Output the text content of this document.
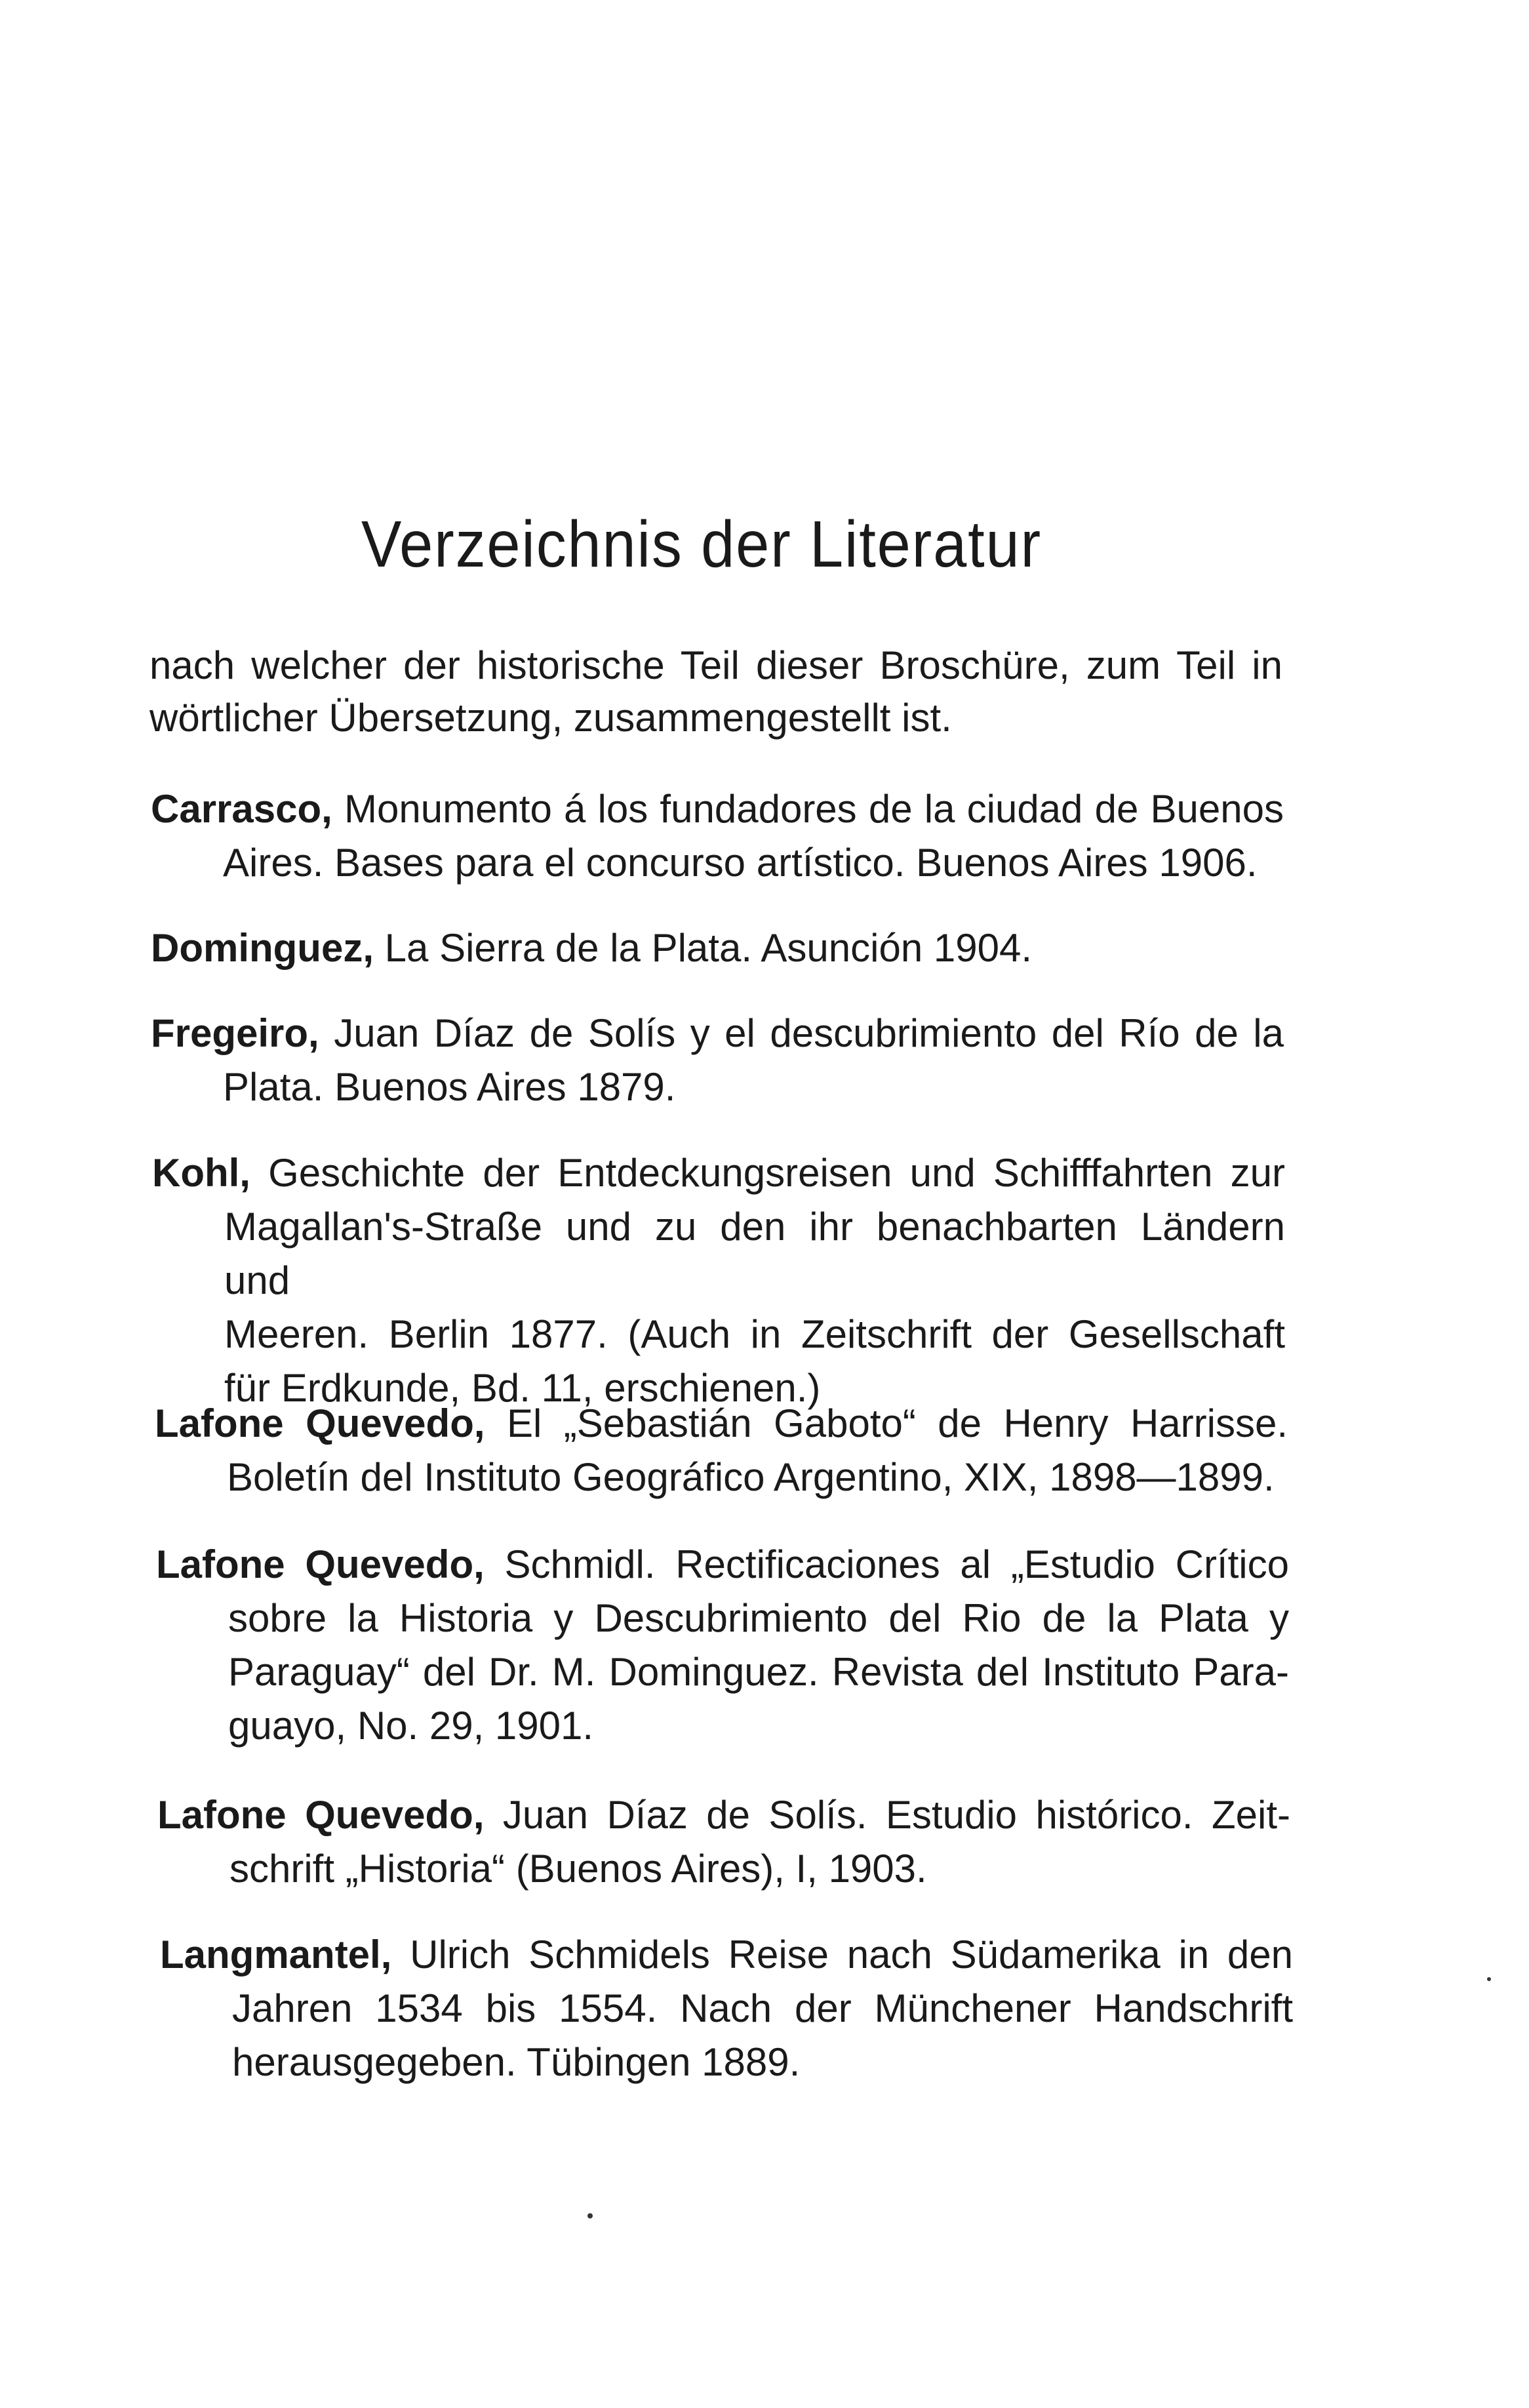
Verzeichnis der Literatur
nach welcher der historische Teil dieser Broschüre, zum Teil in
wörtlicher Übersetzung, zusammengestellt ist.
Carrasco, Monumento á los fundadores de la ciudad de Buenos
Aires. Bases para el concurso artístico. Buenos Aires 1906.
Dominguez, La Sierra de la Plata. Asunción 1904.
Fregeiro, Juan Díaz de Solís y el descubrimiento del Río de la
Plata. Buenos Aires 1879.
Kohl, Geschichte der Entdeckungsreisen und Schifffahrten zur
Magallan's-Straße und zu den ihr benachbarten Ländern und
Meeren. Berlin 1877. (Auch in Zeitschrift der Gesellschaft
für Erdkunde, Bd. 11, erschienen.)
Lafone Quevedo, El „Sebastián Gaboto“ de Henry Harrisse.
Boletín del Instituto Geográfico Argentino, XIX, 1898—1899.
Lafone Quevedo, Schmidl. Rectificaciones al „Estudio Crítico
sobre la Historia y Descubrimiento del Rio de la Plata y
Paraguay“ del Dr. M. Dominguez. Revista del Instituto Para-
guayo, No. 29, 1901.
Lafone Quevedo, Juan Díaz de Solís. Estudio histórico. Zeit-
schrift „Historia“ (Buenos Aires), I, 1903.
Langmantel, Ulrich Schmidels Reise nach Südamerika in den
Jahren 1534 bis 1554. Nach der Münchener Handschrift
herausgegeben. Tübingen 1889.
